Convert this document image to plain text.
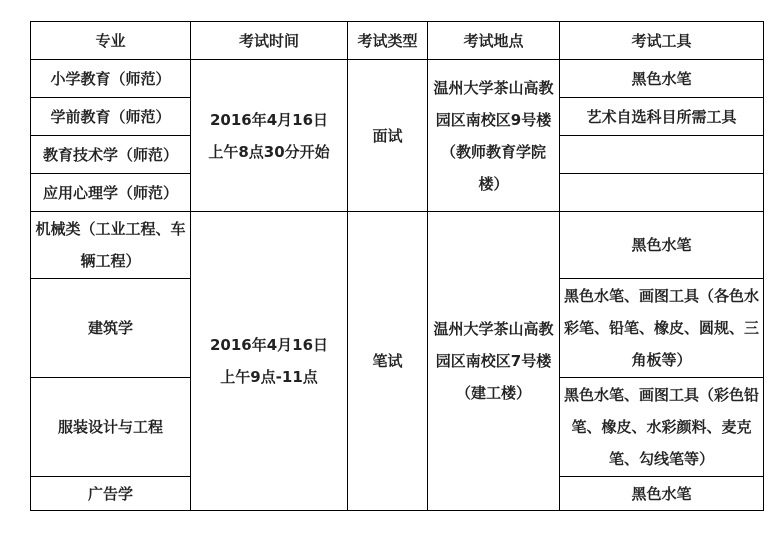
专业	考试时间	考试类型	考试地点	考试工具
小学教育（师范）	2016年4月16日上午8点30分开始	面试	温州大学茶山高教园区南校区9号楼（教师教育学院楼）	黑色水笔
学前教育（师范）				艺术自选科目所需工具
教育技术学（师范）				
应用心理学（师范）				
机械类（工业工程、车辆工程）	2016年4月16日上午9点-11点	笔试	温州大学茶山高教园区南校区7号楼（建工楼）	黑色水笔
建筑学				黑色水笔、画图工具（各色水彩笔、铅笔、橡皮、圆规、三角板等）
服装设计与工程				黑色水笔、画图工具（彩色铅笔、橡皮、水彩颜料、麦克笔、勾线笔等）
广告学				黑色水笔
